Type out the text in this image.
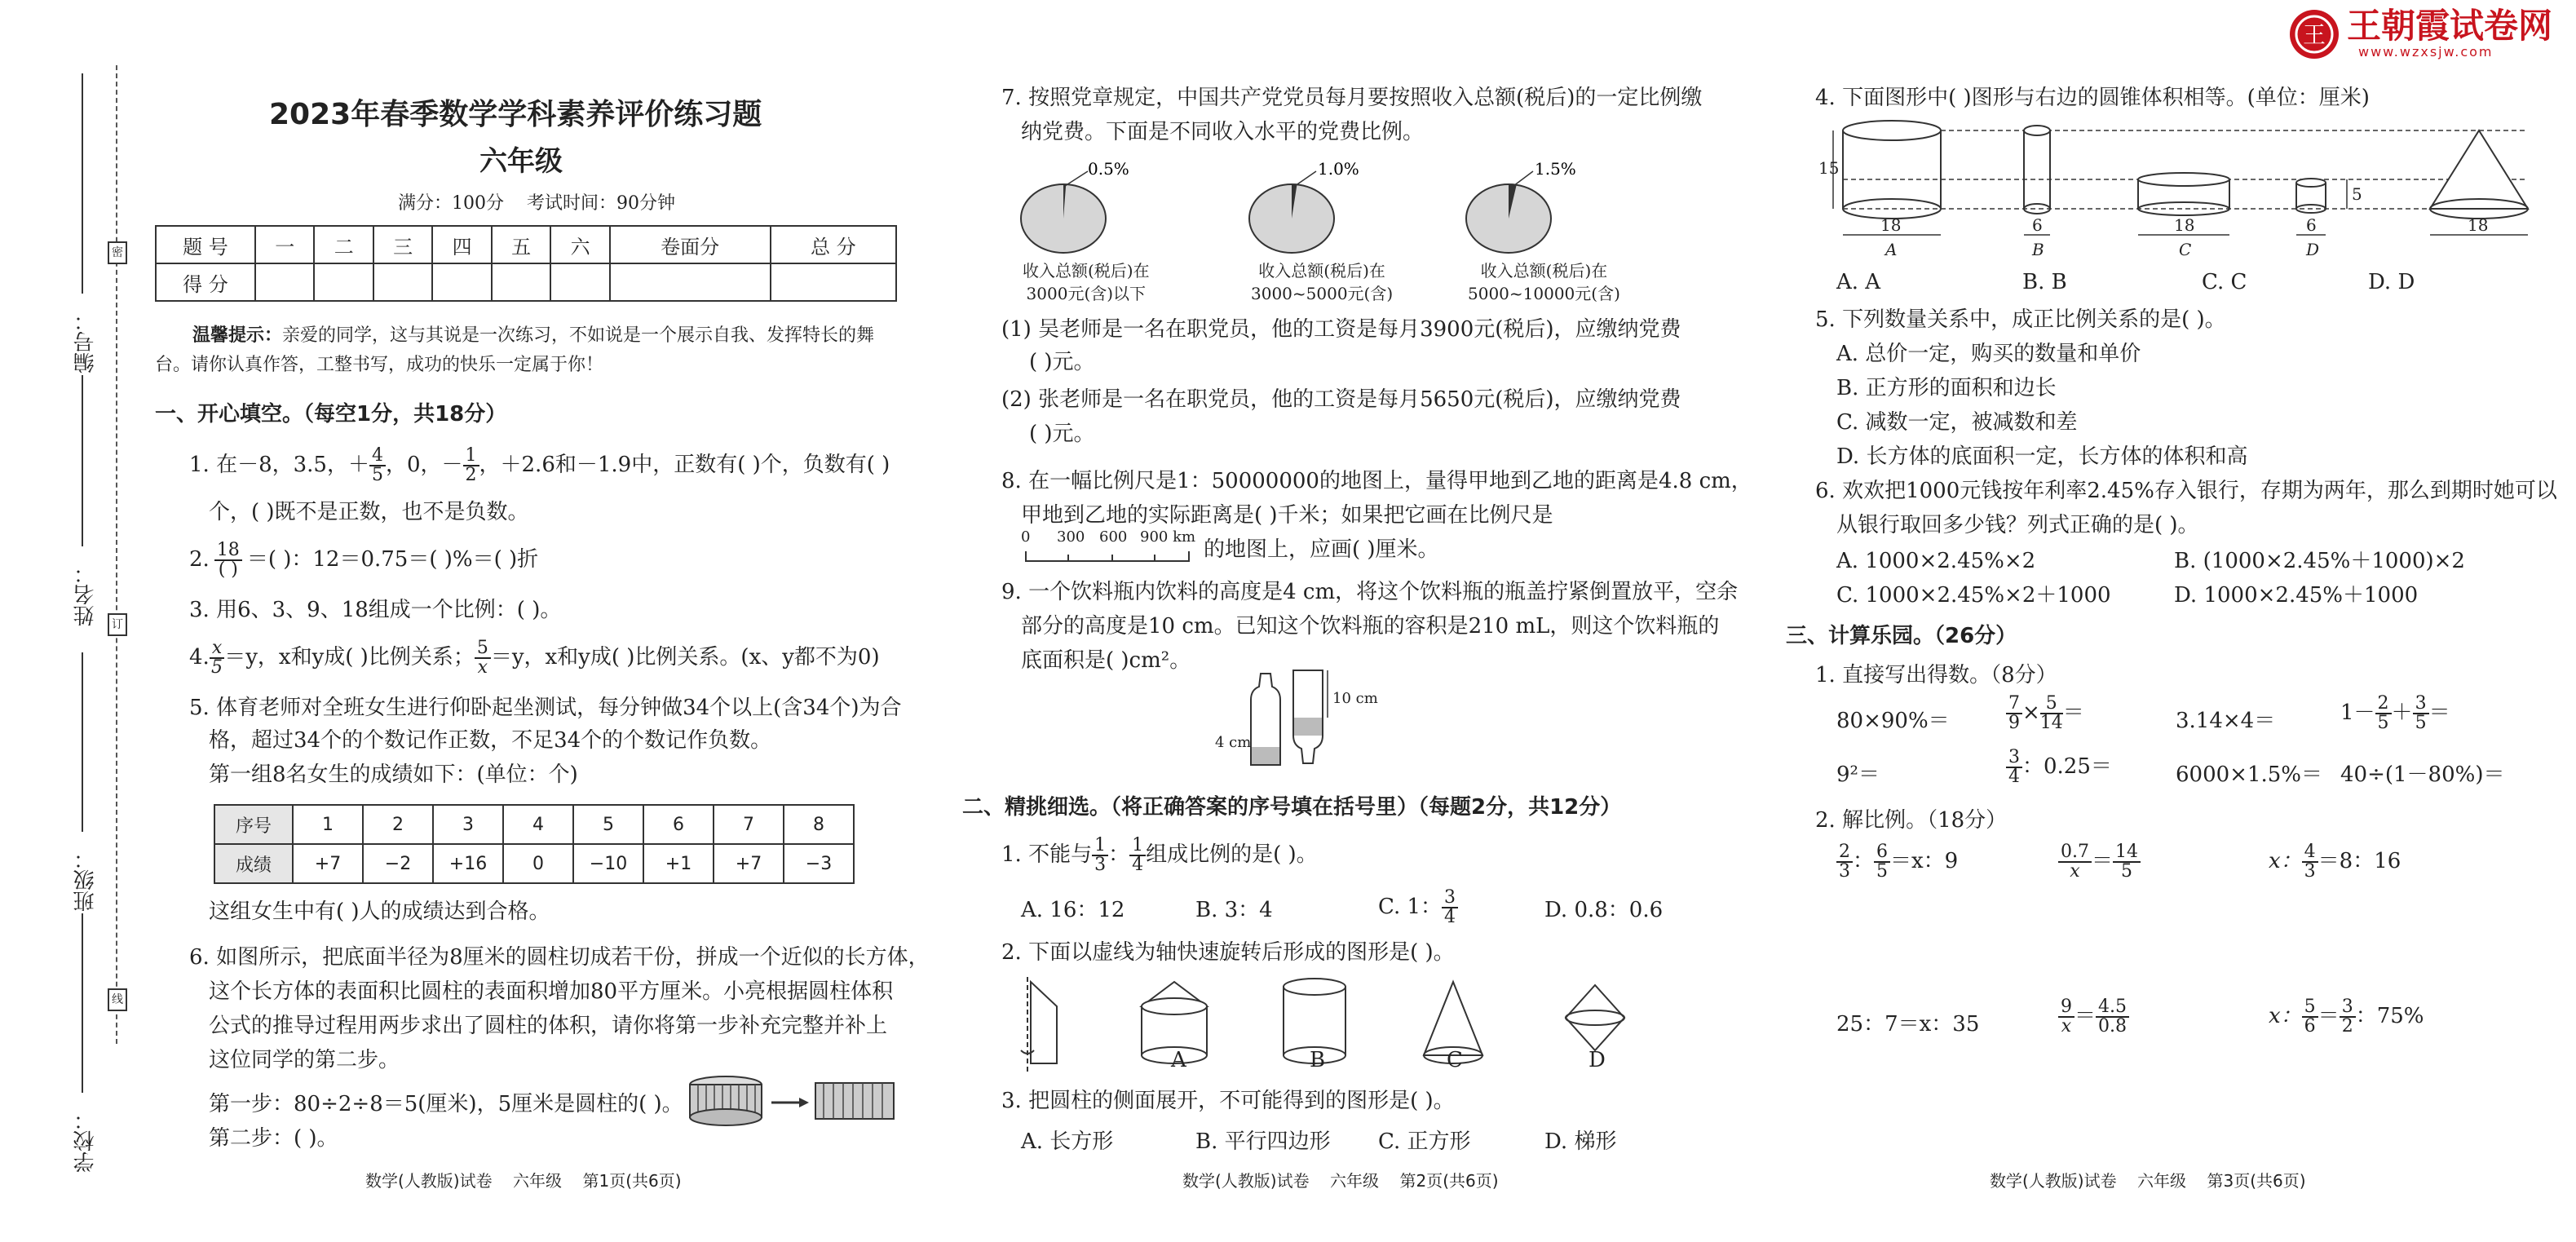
王 王朝霞试卷网
www.wzxsjw.com
密
订
线
编号：
姓名：
班级：
学校：
2023年春季数学学科素养评价练习题
六年级
满分：100分    考试时间：90分钟
题 号	一	二	三	四	五	六	卷面分	总 分
得 分								
温馨提示：亲爱的同学，这与其说是一次练习，不如说是一个展示自我、发挥特长的舞
台。请你认真作答，工整书写，成功的快乐一定属于你！
一、开心填空。（每空1分，共18分）
1. 在－8，3.5，＋ $\frac{4}{5}$ ，0，－ $\frac{1}{2}$ ，＋2.6和－1.9中，正数有( )个，负数有( )
个，( )既不是正数，也不是负数。
2. $\frac{18}{( )}$ ＝( )：12＝0.75＝( )%＝( )折
3. 用6、3、9、18组成一个比例：( )。
4. $\frac{x}{5} =y$，x和y成( )比例关系； $\frac{5}{x} =y$，x和y成( )比例关系。(x、y都不为0)
5. 体育老师对全班女生进行仰卧起坐测试，每分钟做34个以上(含34个)为合
格，超过34个的个数记作正数，不足34个的个数记作负数。
第一组8名女生的成绩如下：(单位：个)
序号	1	2	3	4	5	6	7	8
成绩	+7	−2	+16	0	−10	+1	+7	−3
这组女生中有( )人的成绩达到合格。
6. 如图所示，把底面半径为8厘米的圆柱切成若干份，拼成一个近似的长方体，
这个长方体的表面积比圆柱的表面积增加80平方厘米。小亮根据圆柱体积
公式的推导过程用两步求出了圆柱的体积，请你将第一步补充完整并补上
这位同学的第二步。
第一步：80÷2÷8＝5(厘米)，5厘米是圆柱的( )。
第二步：( )。
数学(人教版)试卷    六年级    第1页(共6页)
7. 按照党章规定，中国共产党党员每月要按照收入总额(税后)的一定比例缴
纳党费。下面是不同收入水平的党费比例。
0.5%	1.0%	1.5%
收入总额(税后)在
3000元(含)以下
收入总额(税后)在
3000~5000元(含)
收入总额(税后)在
5000~10000元(含)
(1) 吴老师是一名在职党员，他的工资是每月3900元(税后)，应缴纳党费
( )元。
(2) 张老师是一名在职党员，他的工资是每月5650元(税后)，应缴纳党费
( )元。
8. 在一幅比例尺是1：50000000的地图上，量得甲地到乙地的距离是4.8 cm，
甲地到乙地的实际距离是( )千米；如果把它画在比例尺是
0 300 600 900 km
的地图上，应画( )厘米。
9. 一个饮料瓶内饮料的高度是4 cm，将这个饮料瓶的瓶盖拧紧倒置放平，空余
部分的高度是10 cm。已知这个饮料瓶的容积是210 mL，则这个饮料瓶的
底面积是( )cm²。
4 cm
10 cm
二、精挑细选。（将正确答案的序号填在括号里）（每题2分，共12分）
1. 不能与 $\frac{1}{3}$ ： $\frac{1}{4}$ 组成比例的是( )。
A. 16：12	B. 3：4	C. 1： $\frac{3}{4}$	D. 0.8：0.6
2. 下面以虚线为轴快速旋转后形成的图形是( )。
A	B	C	D
3. 把圆柱的侧面展开，不可能得到的图形是( )。
A. 长方形	B. 平行四边形 C. 正方形	D. 梯形
数学(人教版)试卷    六年级    第2页(共6页)
4. 下面图形中( )图形与右边的圆锥体积相等。(单位：厘米)
15
18	6	18	6
5
18
A	B	C	D
A. A	B. B	C. C	D. D
5. 下列数量关系中，成正比例关系的是( )。
A. 总价一定，购买的数量和单价
B. 正方形的面积和边长
C. 减数一定，被减数和差
D. 长方体的底面积一定，长方体的体积和高
6. 欢欢把1000元钱按年利率2.45%存入银行，存期为两年，那么到期时她可以
从银行取回多少钱？列式正确的是( )。
A. 1000×2.45%×2	B. (1000×2.45%＋1000)×2
C. 1000×2.45%×2＋1000	D. 1000×2.45%＋1000
三、计算乐园。（26分）
1. 直接写出得数。（8分）
80×90%＝	$\frac{7}{9} \times \frac{5}{14}$ ＝	3.14×4＝	$1- \frac{2}{5} + \frac{3}{5}$ ＝
9²＝	$\frac{3}{4}$ ：0.25＝	6000×1.5%＝ 40÷(1－80%)＝
2. 解比例。（18分）
$\frac{2}{3}$ ： $\frac{6}{5} =x$：9	$\frac{0.7}{x} = \frac{14}{5}$	x： $\frac{4}{3} =8$：16
25：7＝x：35	$\frac{9}{x} = \frac{4.5}{0.8}$	x： $\frac{5}{6} = \frac{3}{2}$ ：75%
数学(人教版)试卷    六年级    第3页(共6页)
